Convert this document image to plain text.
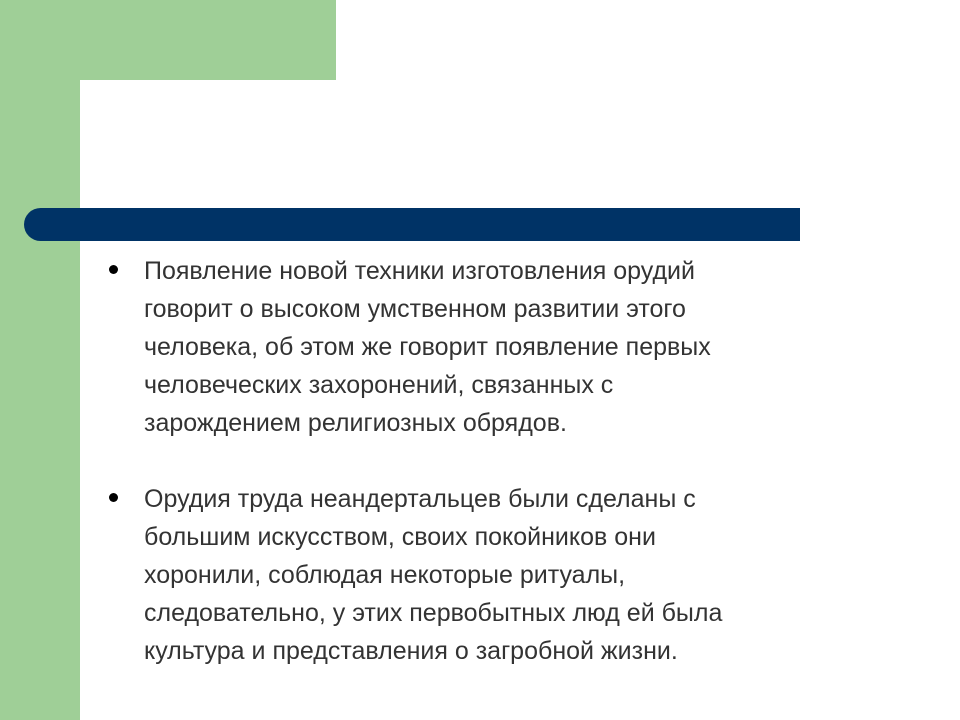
Появление новой техники изготовления орудий
говорит о высоком умственном развитии этого
человека, об этом же говорит появление первых
человеческих захоронений, связанных с
зарождением религиозных обрядов.
Орудия труда неандертальцев были сделаны с
большим искусством, своих покойников они
хоронили, соблюдая некоторые ритуалы,
следовательно, у этих первобытных люд ей была
культура и представления о загробной жизни.
